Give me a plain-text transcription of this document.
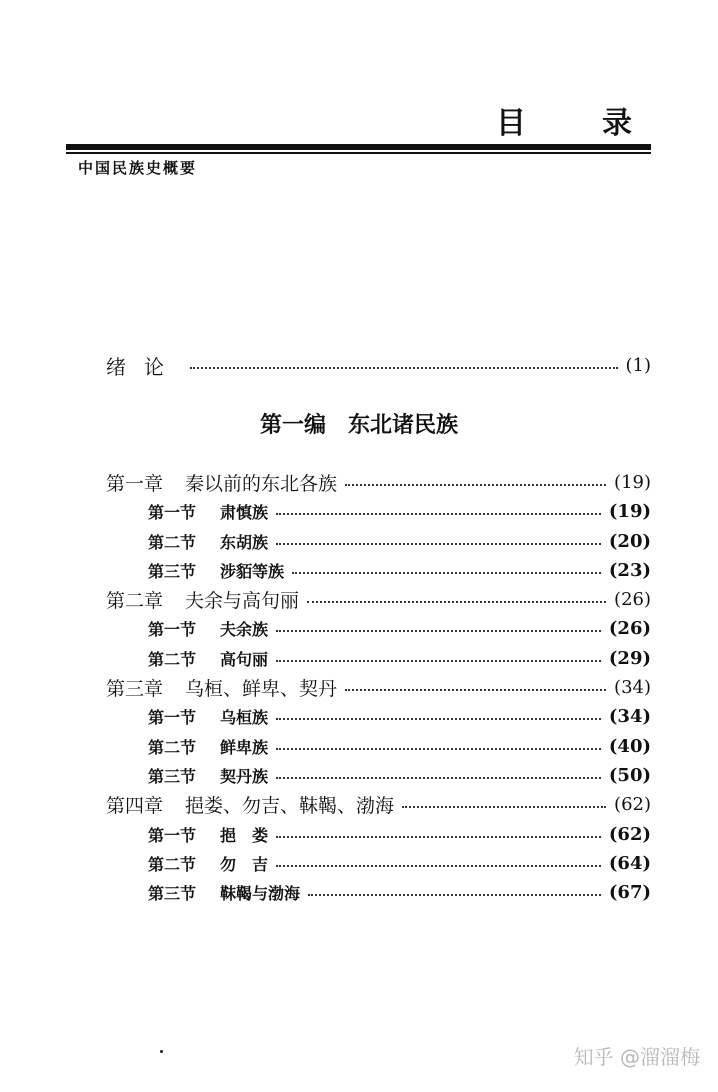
目	录
中国民族史概要
绪论	(1)
第一编　东北诸民族
第一章 秦以前的东北各族	(19)
第一节 肃慎族	(19)
第二节 东胡族	(20)
第三节 涉貊等族	(23)
第二章 夫余与高句丽	(26)
第一节 夫余族	(26)
第二节 高句丽	(29)
第三章 乌桓、鲜卑、契丹	(34)
第一节 乌桓族	(34)
第二节 鲜卑族	(40)
第三节 契丹族	(50)
第四章 挹娄、勿吉、靺鞨、渤海	(62)
第一节 挹　娄	(62)
第二节 勿　吉	(64)
第三节 靺鞨与渤海	(67)
知乎 @溜溜梅
